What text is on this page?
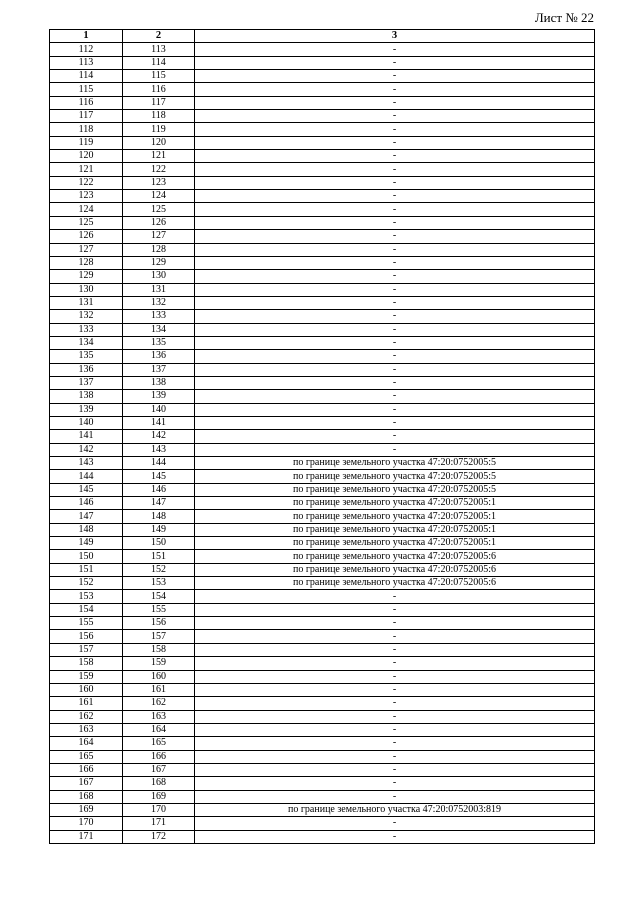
Лист № 22
1	2	3
112	113	-
113	114	-
114	115	-
115	116	-
116	117	-
117	118	-
118	119	-
119	120	-
120	121	-
121	122	-
122	123	-
123	124	-
124	125	-
125	126	-
126	127	-
127	128	-
128	129	-
129	130	-
130	131	-
131	132	-
132	133	-
133	134	-
134	135	-
135	136	-
136	137	-
137	138	-
138	139	-
139	140	-
140	141	-
141	142	-
142	143	-
143	144	по границе земельного участка 47:20:0752005:5
144	145	по границе земельного участка 47:20:0752005:5
145	146	по границе земельного участка 47:20:0752005:5
146	147	по границе земельного участка 47:20:0752005:1
147	148	по границе земельного участка 47:20:0752005:1
148	149	по границе земельного участка 47:20:0752005:1
149	150	по границе земельного участка 47:20:0752005:1
150	151	по границе земельного участка 47:20:0752005:6
151	152	по границе земельного участка 47:20:0752005:6
152	153	по границе земельного участка 47:20:0752005:6
153	154	-
154	155	-
155	156	-
156	157	-
157	158	-
158	159	-
159	160	-
160	161	-
161	162	-
162	163	-
163	164	-
164	165	-
165	166	-
166	167	-
167	168	-
168	169	-
169	170	по границе земельного участка 47:20:0752003:819
170	171	-
171	172	-
